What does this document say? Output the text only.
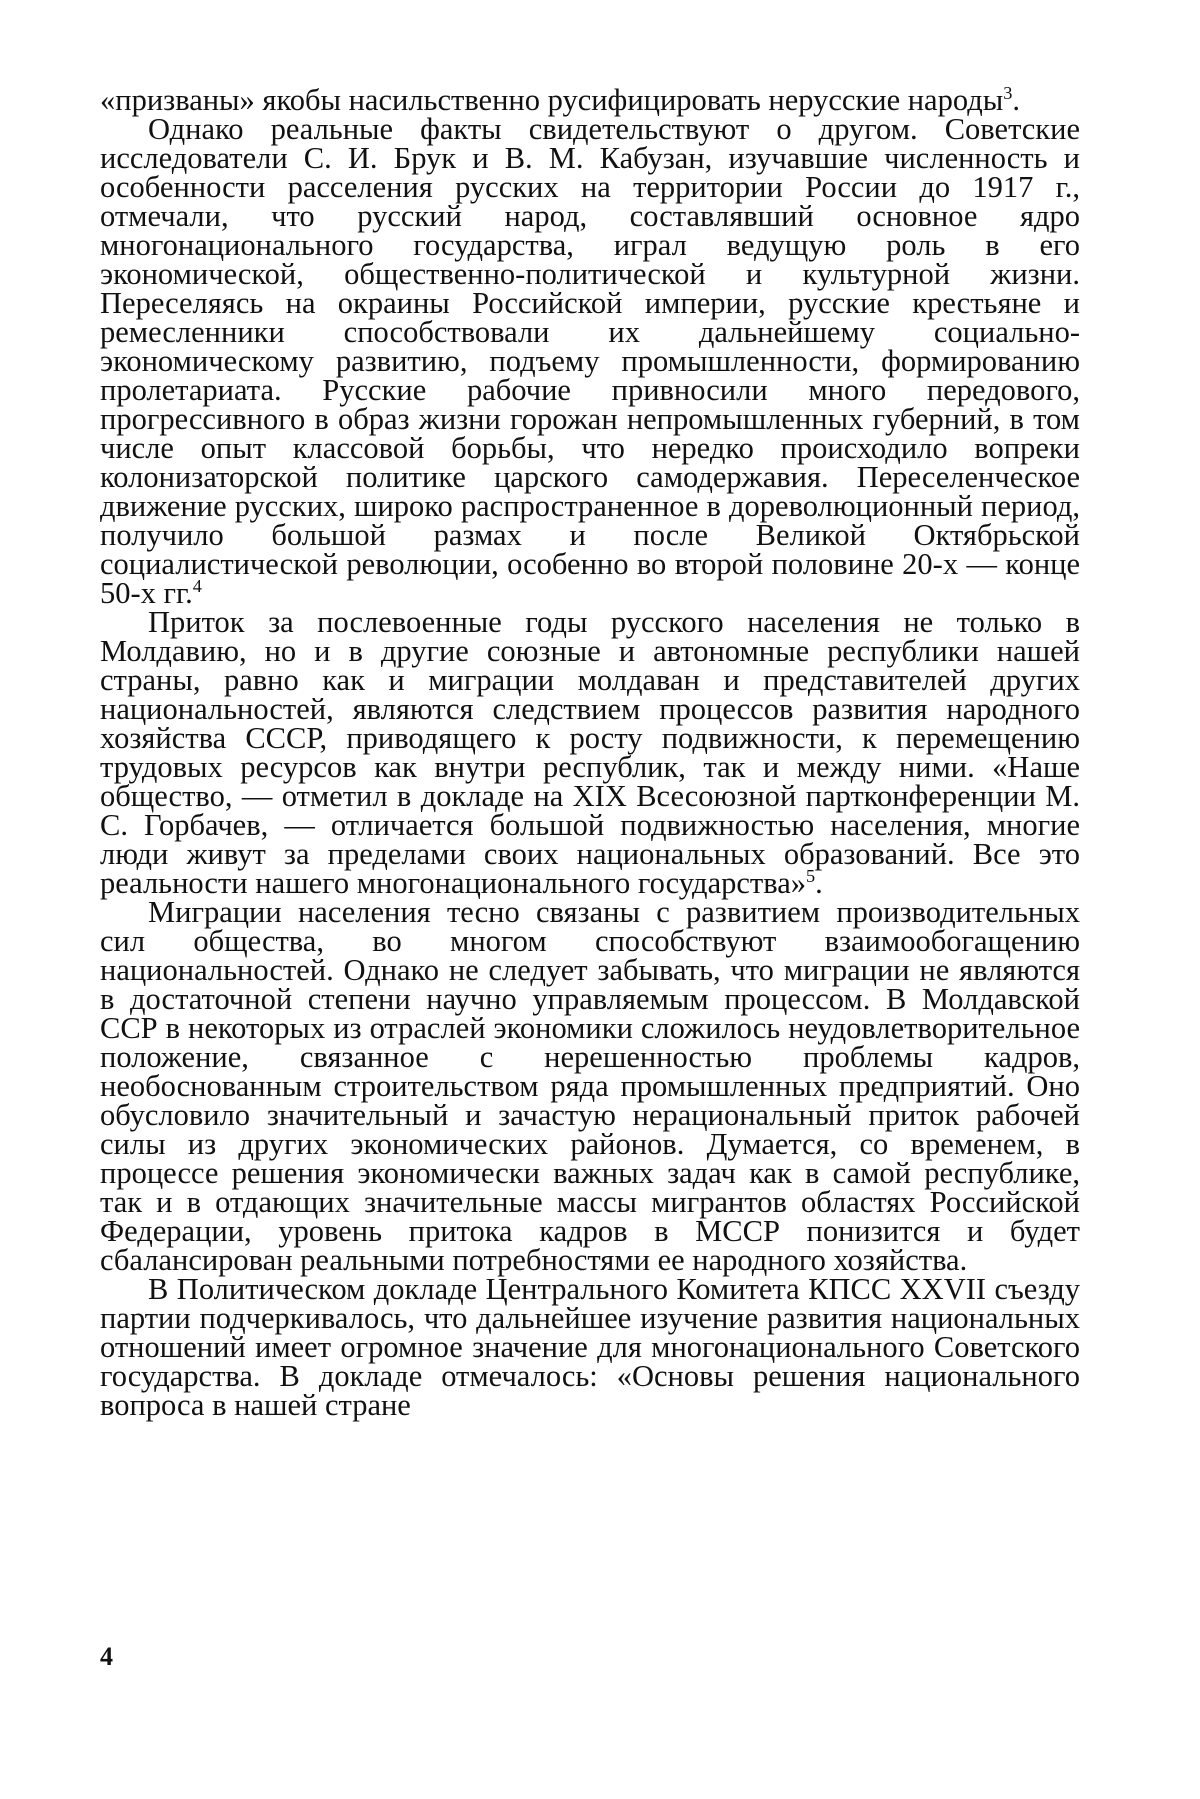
«призваны» якобы насильственно русифицировать нерусские народы$^3$.

Однако реальные факты свидетельствуют о другом. Советские исследователи С. И. Брук и В. М. Кабузан, изучавшие численность и особенности расселения русских на территории России до 1917 г., отмечали, что русский народ, составлявший основное ядро многонационального государства, играл ведущую роль в его экономической, общественно-политической и культурной жизни. Переселяясь на окраины Российской империи, русские крестьяне и ремесленники способствовали их дальнейшему социально-экономическому развитию, подъему промышленности, формированию пролетариата. Русские рабочие привносили много передового, прогрессивного в образ жизни горожан непромышленных губерний, в том числе опыт классовой борьбы, что нередко происходило вопреки колонизаторской политике царского самодержавия. Переселенческое движение русских, широко распространенное в дореволюционный период, получило большой размах и после Великой Октябрьской социалистической революции, особенно во второй половине 20-х — конце 50-х гг.$^4$

Приток за послевоенные годы русского населения не только в Молдавию, но и в другие союзные и автономные республики нашей страны, равно как и миграции молдаван и представителей других национальностей, являются следствием процессов развития народного хозяйства СССР, приводящего к росту подвижности, к перемещению трудовых ресурсов как внутри республик, так и между ними. «Наше общество, — отметил в докладе на XIX Всесоюзной партконференции М. С. Горбачев, — отличается большой подвижностью населения, многие люди живут за пределами своих национальных образований. Все это реальности нашего многонационального государства»$^5$.

Миграции населения тесно связаны с развитием производительных сил общества, во многом способствуют взаимообогащению национальностей. Однако не следует забывать, что миграции не являются в достаточной степени научно управляемым процессом. В Молдавской ССР в некоторых из отраслей экономики сложилось неудовлетворительное положение, связанное с нерешенностью проблемы кадров, необоснованным строительством ряда промышленных предприятий. Оно обусловило значительный и зачастую нерациональный приток рабочей силы из других экономических районов. Думается, со временем, в процессе решения экономически важных задач как в самой республике, так и в отдающих значительные массы мигрантов областях Российской Федерации, уровень притока кадров в МССР понизится и будет сбалансирован реальными потребностями ее народного хозяйства.

В Политическом докладе Центрального Комитета КПСС XXVII съезду партии подчеркивалось, что дальнейшее изучение развития национальных отношений имеет огромное значение для многонационального Советского государства. В докладе отмечалось: «Основы решения национального вопроса в нашей стране

4
